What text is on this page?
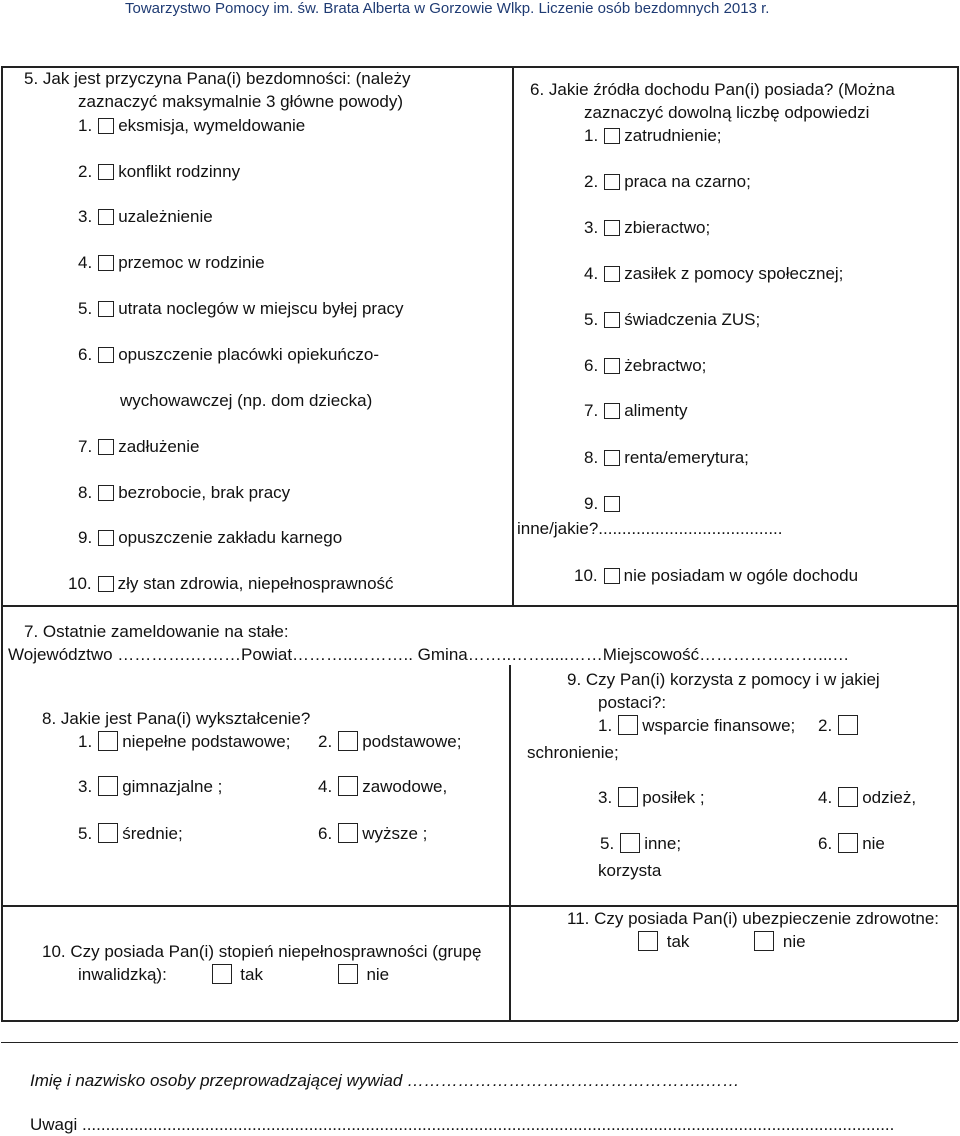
Towarzystwo Pomocy im. św. Brata Alberta w Gorzowie Wlkp. Liczenie osób bezdomnych 2013 r.
5. Jak jest przyczyna Pana(i) bezdomności: (należy
zaznaczyć maksymalnie 3 główne powody)
1. eksmisja, wymeldowanie
2. konflikt rodzinny
3. uzależnienie
4. przemoc w rodzinie
5. utrata noclegów w miejscu byłej pracy
6. opuszczenie placówki opiekuńczo-
wychowawczej (np. dom dziecka)
7. zadłużenie
8. bezrobocie, brak pracy
9. opuszczenie zakładu karnego
10. zły stan zdrowia, niepełnosprawność
6. Jakie źródła dochodu Pan(i) posiada? (Można
zaznaczyć dowolną liczbę odpowiedzi
1. zatrudnienie;
2. praca na czarno;
3. zbieractwo;
4. zasiłek z pomocy społecznej;
5. świadczenia ZUS;
6. żebractwo;
7. alimenty
8. renta/emerytura;
9.
inne/jakie?.......................................
10. nie posiadam w ogóle dochodu
7. Ostatnie zameldowanie na stałe:
Województwo ………….………Powiat………..……….. Gmina……..…….....……Miejscowość…………………...…
8. Jakie jest Pana(i) wykształcenie?
1. niepełne podstawowe; 2. podstawowe;
3. gimnazjalne ;	4. zawodowe,
5. średnie;	6. wyższe ;
9. Czy Pan(i) korzysta z pomocy i w jakiej
postaci?:
1. wsparcie finansowe; 2.
schronienie;
3. posiłek ;	4. odzież,
5. inne;	6. nie
korzysta
10. Czy posiada Pan(i) stopień niepełnosprawności (grupę
inwalidzką):	tak	nie
11. Czy posiada Pan(i) ubezpieczenie zdrowotne:
tak	nie
Imię i nazwisko osoby przeprowadzającej wywiad ……………………………………………..……
Uwagi ............................................................................................................................................................................
